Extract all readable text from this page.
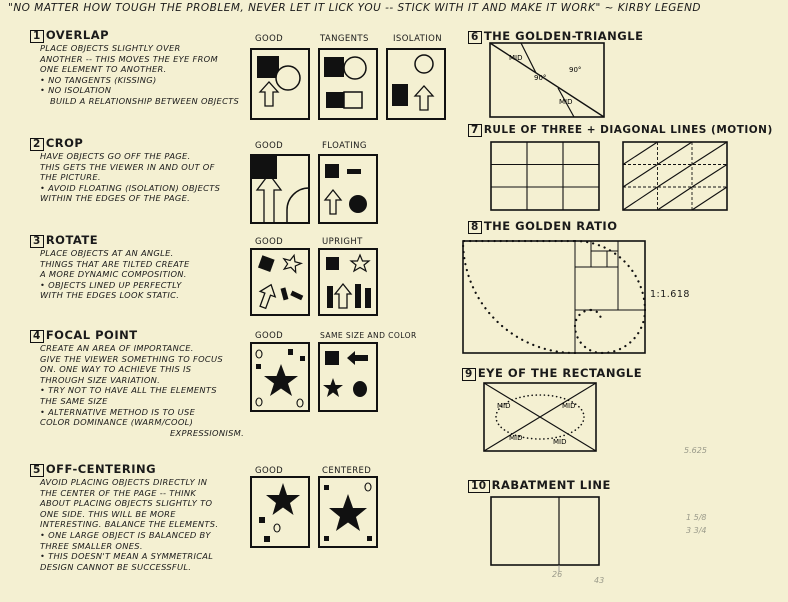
"NO MATTER HOW TOUGH THE PROBLEM, NEVER LET IT LICK YOU -- STICK WITH IT AND MAKE IT WORK" ~ KIRBY LEGEND
1 OVERLAP
PLACE OBJECTS SLIGHTLY OVER
ANOTHER -- THIS MOVES THE EYE FROM
ONE ELEMENT TO ANOTHER.
• NO TANGENTS (KISSING)
• NO ISOLATION
BUILD A RELATIONSHIP BETWEEN OBJECTS
GOOD	TANGENTS	ISOLATION
2 CROP
HAVE OBJECTS GO OFF THE PAGE.
THIS GETS THE VIEWER IN AND OUT OF
THE PICTURE.
• AVOID FLOATING (ISOLATION) OBJECTS
WITHIN THE EDGES OF THE PAGE.
GOOD	FLOATING
3 ROTATE
PLACE OBJECTS AT AN ANGLE.
THINGS THAT ARE TILTED CREATE
A MORE DYNAMIC COMPOSITION.
• OBJECTS LINED UP PERFECTLY
WITH THE EDGES LOOK STATIC.
GOOD	UPRIGHT
4 FOCAL POINT
CREATE AN AREA OF IMPORTANCE.
GIVE THE VIEWER SOMETHING TO FOCUS
ON. ONE WAY TO ACHIEVE THIS IS
THROUGH SIZE VARIATION.
• TRY NOT TO HAVE ALL THE ELEMENTS
THE SAME SIZE
• ALTERNATIVE METHOD IS TO USE
COLOR DOMINANCE (WARM/COOL)
EXPRESSIONISM.
GOOD	SAME SIZE AND COLOR
5 OFF-CENTERING
AVOID PLACING OBJECTS DIRECTLY IN
THE CENTER OF THE PAGE -- THINK
ABOUT PLACING OBJECTS SLIGHTLY TO
ONE SIDE. THIS WILL BE MORE
INTERESTING. BALANCE THE ELEMENTS.
• ONE LARGE OBJECT IS BALANCED BY
THREE SMALLER ONES.
• THIS DOESN'T MEAN A SYMMETRICAL
DESIGN CANNOT BE SUCCESSFUL.
GOOD	CENTERED
6 THE GOLDEN-TRIANGLE
MID
90°
90°
MID
7 RULE OF THREE + DIAGONAL LINES (MOTION)
8 THE GOLDEN RATIO
1:1.618
9 EYE OF THE RECTANGLE
MID	MID
MID	MID
10 RABATMENT LINE
5.625
1 5/8
3 3/4
26
43
